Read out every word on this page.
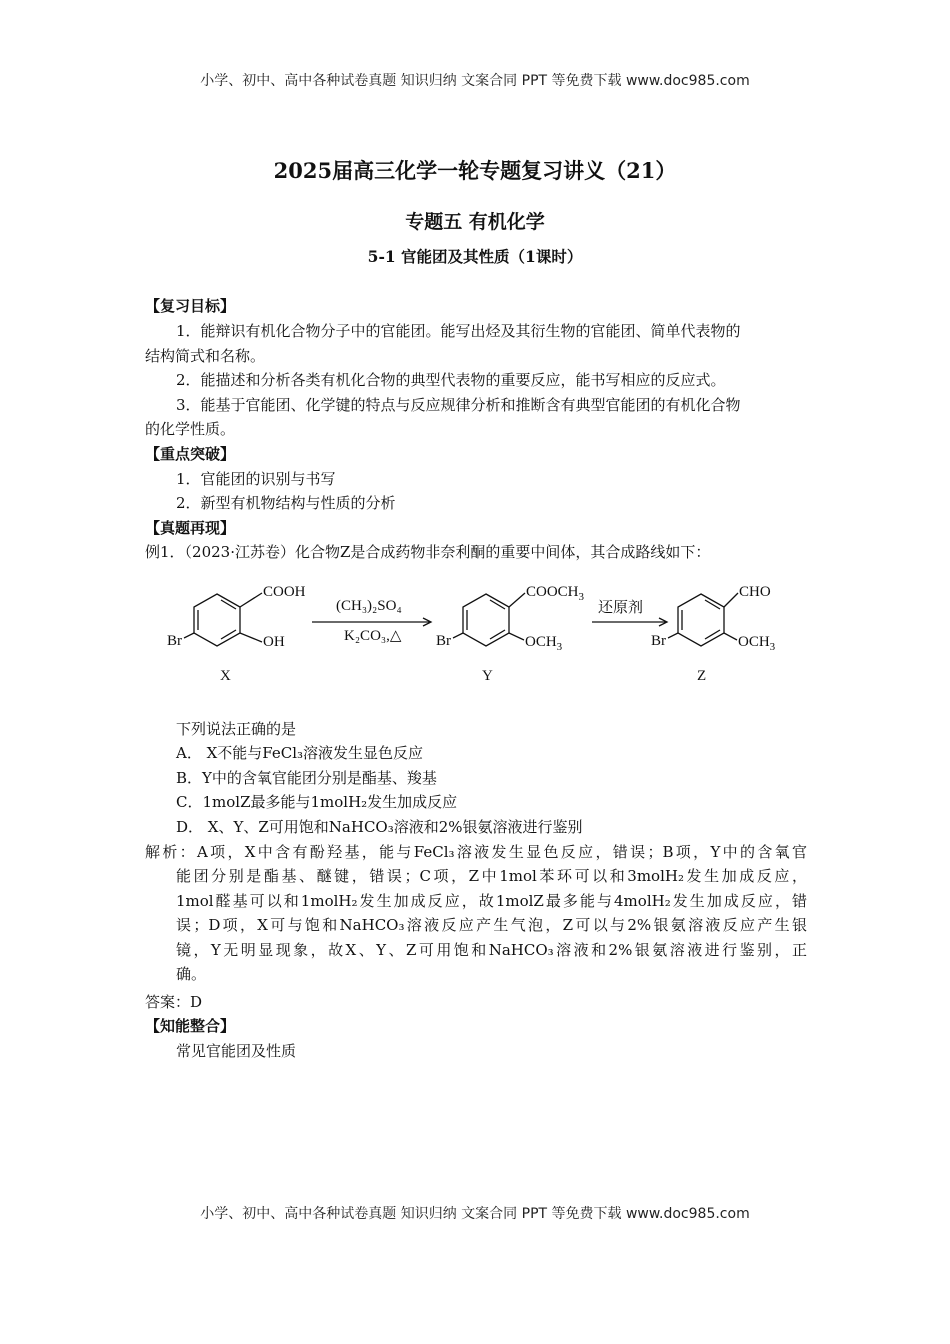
小学、初中、高中各种试卷真题 知识归纳 文案合同 PPT 等免费下载 www.doc985.com
2025届高三化学一轮专题复习讲义（21）
专题五 有机化学
5-1 官能团及其性质（1课时）
【复习目标】
1．能辩识有机化合物分子中的官能团。能写出烃及其衍生物的官能团、简单代表物的
结构简式和名称。
2．能描述和分析各类有机化合物的典型代表物的重要反应，能书写相应的反应式。
3．能基于官能团、化学键的特点与反应规律分析和推断含有典型官能团的有机化合物
的化学性质。
【重点突破】
1．官能团的识别与书写
2．新型有机物结构与性质的分析
【真题再现】
例1．（2023·江苏卷）化合物Z是合成药物非奈利酮的重要中间体，其合成路线如下：
COOH
OH
Br
(CH₃)₂SO₄
K₂CO₃,△
$COOCH_3$
$OCH_3$
Br
还原剂
CHO
$OCH_3$
Br
X	Y	Z
下列说法正确的是
A． X不能与FeCl₃溶液发生显色反应
B．Y中的含氧官能团分别是酯基、羧基
C．1molZ最多能与1molH₂发生加成反应
D． X、Y、Z可用饱和NaHCO₃溶液和2%银氨溶液进行鉴别
解析：A项，X中含有酚羟基，能与FeCl₃溶液发生显色反应，错误；B项，Y中的含氧官
能团分别是酯基、醚键，错误；C项，Z中1mol苯环可以和3molH₂发生加成反应，
1mol醛基可以和1molH₂发生加成反应，故1molZ最多能与4molH₂发生加成反应，错
误；D项，X可与饱和NaHCO₃溶液反应产生气泡，Z可以与2%银氨溶液反应产生银
镜，Y无明显现象，故X、Y、Z可用饱和NaHCO₃溶液和2%银氨溶液进行鉴别，正
确。
答案：D
【知能整合】
常见官能团及性质
小学、初中、高中各种试卷真题 知识归纳 文案合同 PPT 等免费下载 www.doc985.com
